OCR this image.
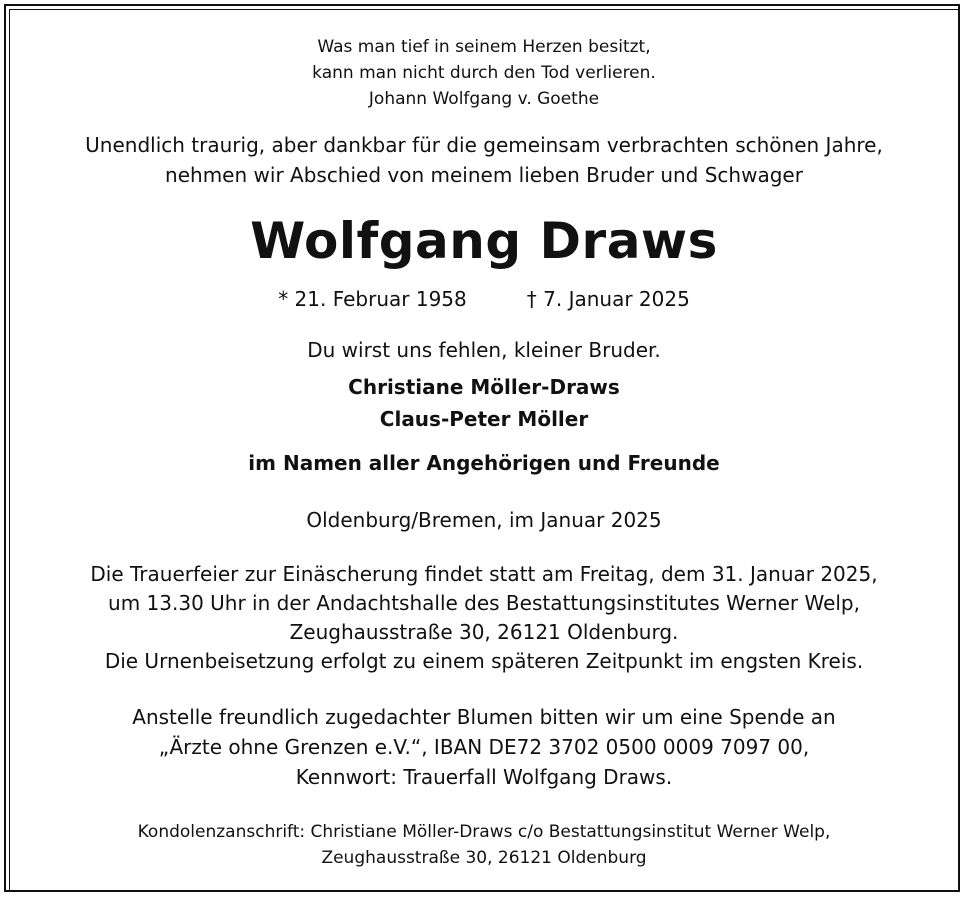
Was man tief in seinem Herzen besitzt,
kann man nicht durch den Tod verlieren.
Johann Wolfgang v. Goethe
Unendlich traurig, aber dankbar für die gemeinsam verbrachten schönen Jahre,
nehmen wir Abschied von meinem lieben Bruder und Schwager
Wolfgang Draws
* 21. Februar 1958	† 7. Januar 2025
Du wirst uns fehlen, kleiner Bruder.
Christiane Möller-Draws
Claus-Peter Möller
im Namen aller Angehörigen und Freunde
Oldenburg/Bremen, im Januar 2025
Die Trauerfeier zur Einäscherung findet statt am Freitag, dem 31. Januar 2025,
um 13.30 Uhr in der Andachtshalle des Bestattungsinstitutes Werner Welp,
Zeughausstraße 30, 26121 Oldenburg.
Die Urnenbeisetzung erfolgt zu einem späteren Zeitpunkt im engsten Kreis.
Anstelle freundlich zugedachter Blumen bitten wir um eine Spende an
„Ärzte ohne Grenzen e.V.“, IBAN DE72 3702 0500 0009 7097 00,
Kennwort: Trauerfall Wolfgang Draws.
Kondolenzanschrift: Christiane Möller-Draws c/o Bestattungsinstitut Werner Welp,
Zeughausstraße 30, 26121 Oldenburg
